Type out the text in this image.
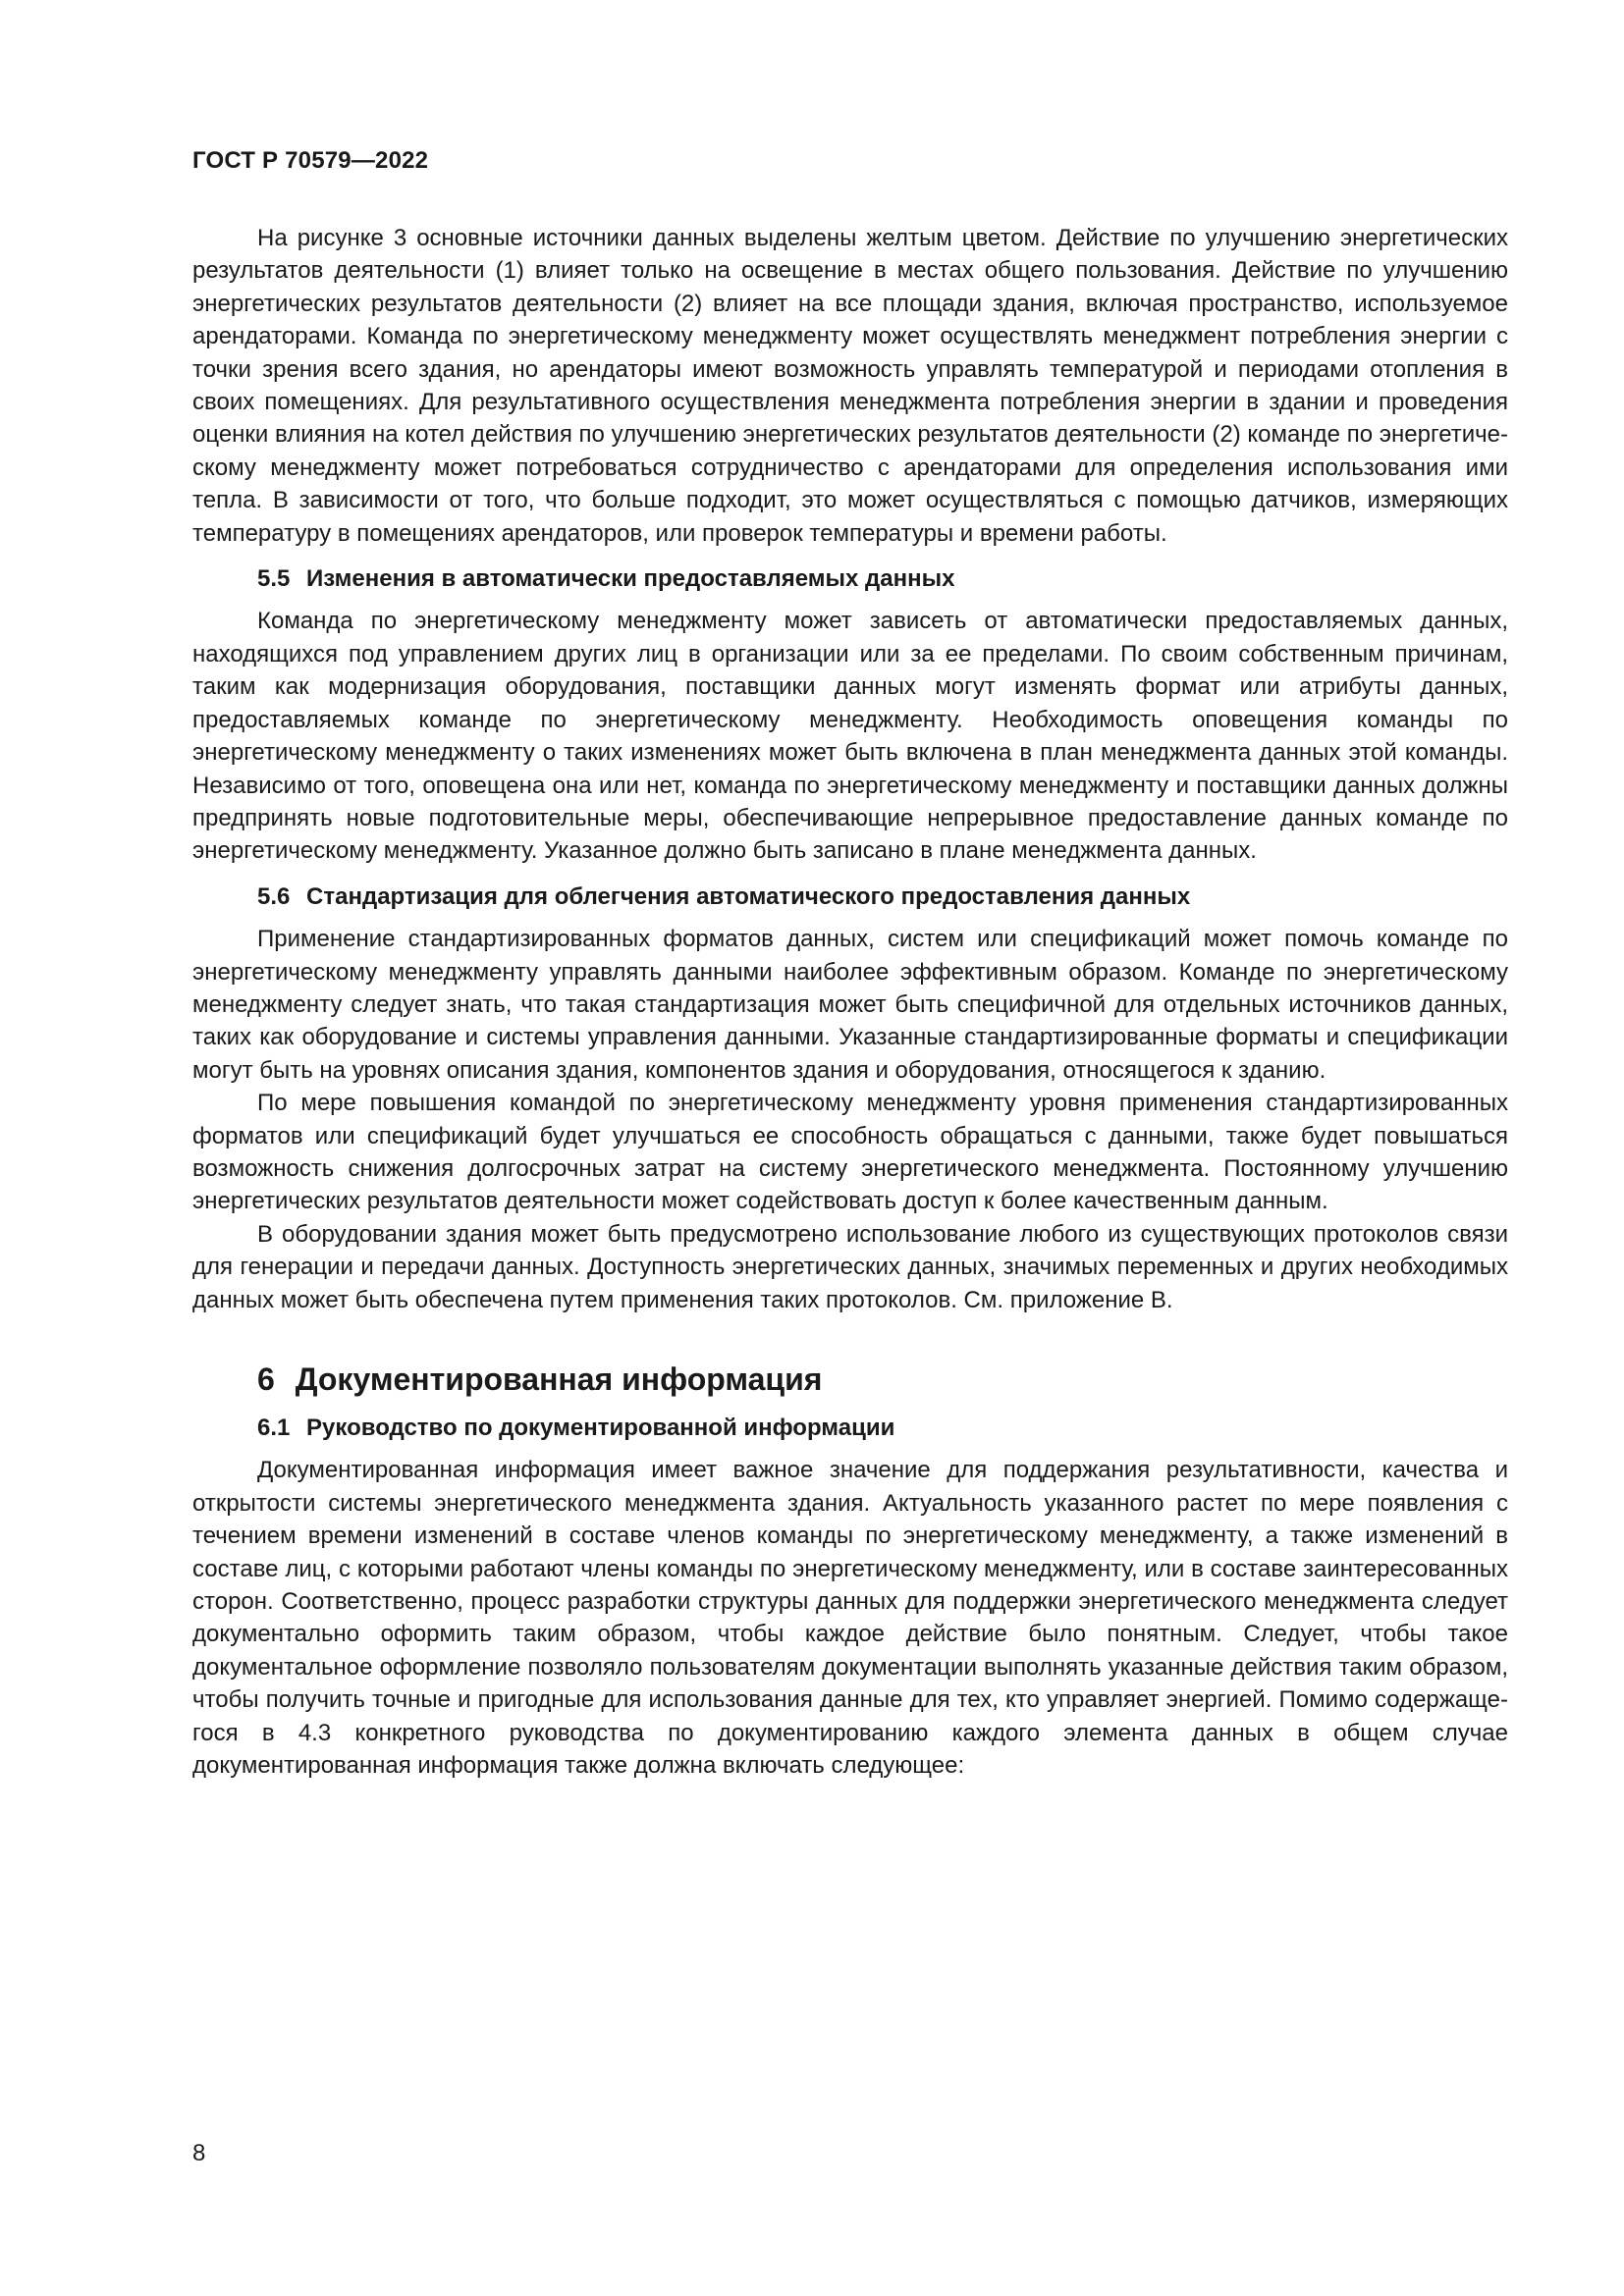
ГОСТ Р 70579—2022

На рисунке 3 основные источники данных выделены желтым цветом. Действие по улучшению энергетических результатов деятельности (1) влияет только на освещение в местах общего пользования. Действие по улучшению энергетических результатов деятельности (2) влияет на все площади здания, включая пространство, используемое арендаторами. Команда по энергетическому менеджменту может осуществлять менеджмент потребления энергии с точки зрения всего здания, но арендаторы имеют возможность управлять температурой и периодами отопления в своих помещениях. Для результативного осуществления менеджмента потребления энергии в здании и проведения оценки влияния на котел действия по улучшению энергетических результатов деятельности (2) команде по энергетическому менеджменту может потребоваться сотрудничество с арендаторами для определения использования ими тепла. В зависимости от того, что больше подходит, это может осуществляться с помощью датчиков, измеряющих температуру в помещениях арендаторов, или проверок температуры и времени работы.

5.5 Изменения в автоматически предоставляемых данных

Команда по энергетическому менеджменту может зависеть от автоматически предоставляемых данных, находящихся под управлением других лиц в организации или за ее пределами. По своим собственным причинам, таким как модернизация оборудования, поставщики данных могут изменять формат или атрибуты данных, предоставляемых команде по энергетическому менеджменту. Необходимость оповещения команды по энергетическому менеджменту о таких изменениях может быть включена в план менеджмента данных этой команды. Независимо от того, оповещена она или нет, команда по энергетическому менеджменту и поставщики данных должны предпринять новые подготовительные меры, обеспечивающие непрерывное предоставление данных команде по энергетическому менеджменту. Указанное должно быть записано в плане менеджмента данных.

5.6 Стандартизация для облегчения автоматического предоставления данных

Применение стандартизированных форматов данных, систем или спецификаций может помочь команде по энергетическому менеджменту управлять данными наиболее эффективным образом. Команде по энергетическому менеджменту следует знать, что такая стандартизация может быть специфичной для отдельных источников данных, таких как оборудование и системы управления данными. Указанные стандартизированные форматы и спецификации могут быть на уровнях описания здания, компонентов здания и оборудования, относящегося к зданию.

По мере повышения командой по энергетическому менеджменту уровня применения стандартизированных форматов или спецификаций будет улучшаться ее способность обращаться с данными, также будет повышаться возможность снижения долгосрочных затрат на систему энергетического менеджмента. Постоянному улучшению энергетических результатов деятельности может содействовать доступ к более качественным данным.

В оборудовании здания может быть предусмотрено использование любого из существующих протоколов связи для генерации и передачи данных. Доступность энергетических данных, значимых переменных и других необходимых данных может быть обеспечена путем применения таких протоколов. См. приложение В.

6 Документированная информация
6.1 Руководство по документированной информации

Документированная информация имеет важное значение для поддержания результативности, качества и открытости системы энергетического менеджмента здания. Актуальность указанного растет по мере появления с течением времени изменений в составе членов команды по энергетическому менеджменту, а также изменений в составе лиц, с которыми работают члены команды по энергетическому менеджменту, или в составе заинтересованных сторон. Соответственно, процесс разработки структуры данных для поддержки энергетического менеджмента следует документально оформить таким образом, чтобы каждое действие было понятным. Следует, чтобы такое документальное оформление позволяло пользователям документации выполнять указанные действия таким образом, чтобы получить точные и пригодные для использования данные для тех, кто управляет энергией. Помимо содержащегося в 4.3 конкретного руководства по документированию каждого элемента данных в общем случае документированная информация также должна включать следующее:

8
